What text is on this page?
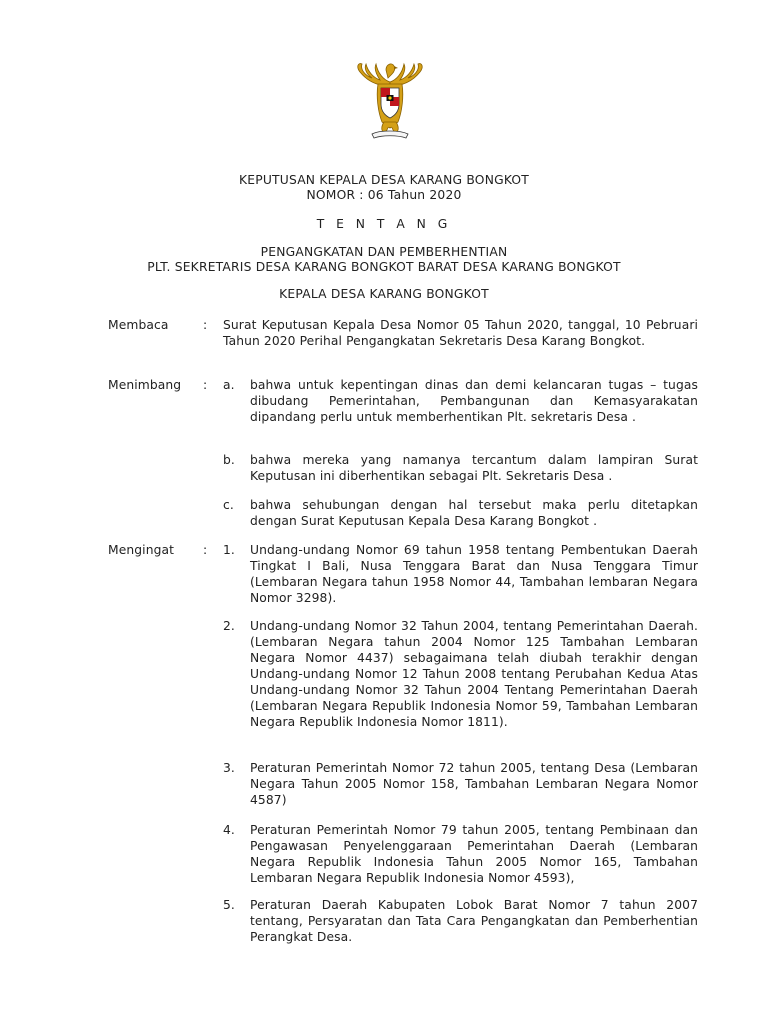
KEPUTUSAN KEPALA DESA KARANG BONGKOT
NOMOR : 06 Tahun 2020
T E N T A N G
PENGANGKATAN DAN PEMBERHENTIAN
PLT. SEKRETARIS DESA KARANG BONGKOT BARAT DESA KARANG BONGKOT
KEPALA DESA KARANG BONGKOT
Membaca	: Surat Keputusan Kepala Desa Nomor 05 Tahun 2020, tanggal, 10 Pebruari Tahun 2020 Perihal Pengangkatan Sekretaris Desa Karang Bongkot.
Menimbang : a. bahwa untuk kepentingan dinas dan demi kelancaran tugas – tugas dibudang Pemerintahan, Pembangunan dan Kemasyarakatan dipandang perlu untuk memberhentikan Plt. sekretaris Desa .
b. bahwa mereka yang namanya tercantum dalam lampiran Surat Keputusan ini diberhentikan sebagai Plt. Sekretaris Desa .
c. bahwa sehubungan dengan hal tersebut maka perlu ditetapkan dengan Surat Keputusan Kepala Desa Karang Bongkot .
Mengingat : 1. Undang-undang Nomor 69 tahun 1958 tentang Pembentukan Daerah Tingkat I Bali, Nusa Tenggara Barat dan Nusa Tenggara Timur (Lembaran Negara tahun 1958 Nomor 44, Tambahan lembaran Negara Nomor 3298).
2. Undang-undang Nomor 32 Tahun 2004, tentang Pemerintahan Daerah. (Lembaran Negara tahun 2004 Nomor 125 Tambahan Lembaran Negara Nomor 4437) sebagaimana telah diubah terakhir dengan Undang-undang Nomor 12 Tahun 2008 tentang Perubahan Kedua Atas Undang-undang Nomor 32 Tahun 2004 Tentang Pemerintahan Daerah (Lembaran Negara Republik Indonesia Nomor 59, Tambahan Lembaran Negara Republik Indonesia Nomor 1811).
3. Peraturan Pemerintah Nomor 72 tahun 2005, tentang Desa (Lembaran Negara Tahun 2005 Nomor 158, Tambahan Lembaran Negara Nomor 4587)
4. Peraturan Pemerintah Nomor 79 tahun 2005, tentang Pembinaan dan Pengawasan Penyelenggaraan Pemerintahan Daerah (Lembaran Negara Republik Indonesia Tahun 2005 Nomor 165, Tambahan Lembaran Negara Republik Indonesia Nomor 4593),
5. Peraturan Daerah Kabupaten Lobok Barat Nomor 7 tahun 2007 tentang, Persyaratan dan Tata Cara Pengangkatan dan Pemberhentian Perangkat Desa.
